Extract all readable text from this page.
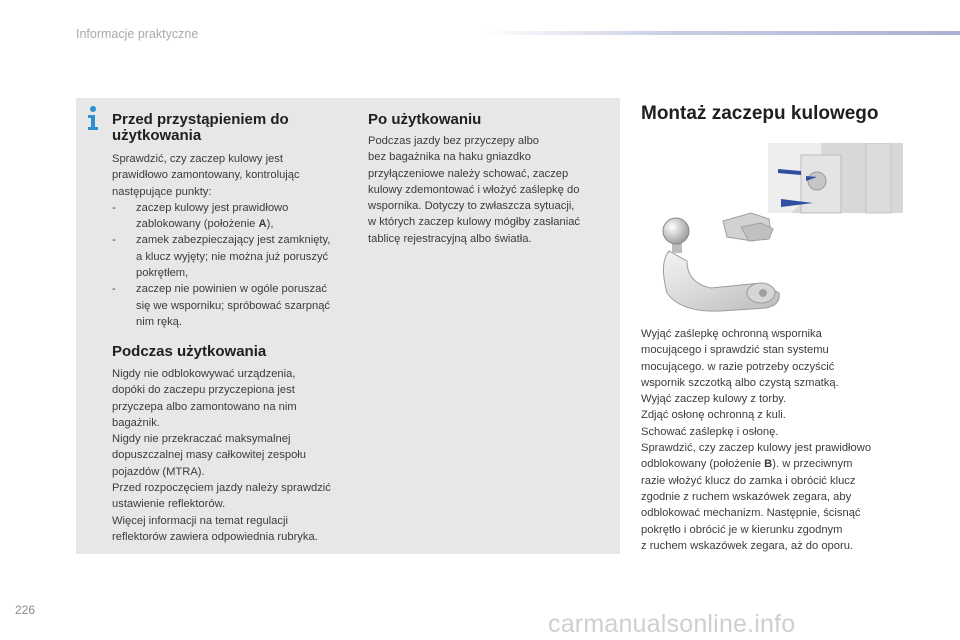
Informacje praktyczne
Przed przystąpieniem do
użytkowania

Sprawdzić, czy zaczep kulowy jest

prawidłowo zamontowany, kontrolując

następujące punkty:

- zaczep kulowy jest prawidłowo
zablokowany (położenie A),
- zamek zabezpieczający jest zamknięty,
a klucz wyjęty; nie można już poruszyć
pokrętłem,
- zaczep nie powinien w ogóle poruszać
się we wsporniku; spróbować szarpnąć
nim ręką.
Podczas użytkowania

Nigdy nie odblokowywać urządzenia,

dopóki do zaczepu przyczepiona jest

przyczepa albo zamontowano na nim

bagażnik.

Nigdy nie przekraczać maksymalnej

dopuszczalnej masy całkowitej zespołu

pojazdów (MTRA).

Przed rozpoczęciem jazdy należy sprawdzić

ustawienie reflektorów.

Więcej informacji na temat regulacji

reflektorów zawiera odpowiednia rubryka.

Po użytkowaniu

Podczas jazdy bez przyczepy albo

bez bagażnika na haku gniazdko

przyłączeniowe należy schować, zaczep

kulowy zdemontować i włożyć zaślepkę do

wspornika. Dotyczy to zwłaszcza sytuacji,

w których zaczep kulowy mógłby zasłaniać

tablicę rejestracyjną albo światła.

Montaż zaczepu kulowego

Wyjąć zaślepkę ochronną wspornika

mocującego i sprawdzić stan systemu

mocującego. w razie potrzeby oczyścić

wspornik szczotką albo czystą szmatką.

Wyjąć zaczep kulowy z torby.

Zdjąć osłonę ochronną z kuli.

Schować zaślepkę i osłonę.

Sprawdzić, czy zaczep kulowy jest prawidłowo

odblokowany (położenie B). w przeciwnym

razie włożyć klucz do zamka i obrócić klucz

zgodnie z ruchem wskazówek zegara, aby

odblokować mechanizm. Następnie, ścisnąć

pokrętło i obrócić je w kierunku zgodnym

z ruchem wskazówek zegara, aż do oporu.

226	carmanualsonline.info
